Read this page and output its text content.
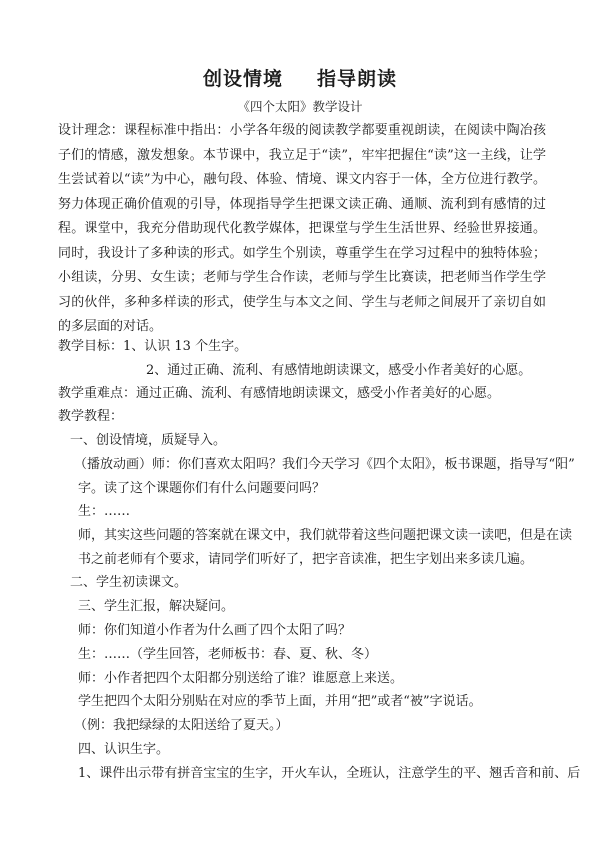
创设情境 指导朗读
《四个太阳》教学设计
设计理念：课程标准中指出：小学各年级的阅读教学都要重视朗读，在阅读中陶冶孩子们的情感，激发想象。本节课中，我立足于“读”，牢牢把握住“读”这一主线，让学生尝试着以“读”为中心，融句段、体验、情境、课文内容于一体，全方位进行教学。努力体现正确价值观的引导，体现指导学生把课文读正确、通顺、流利到有感情的过程。课堂中，我充分借助现代化教学媒体，把课堂与学生生活世界、经验世界接通。同时，我设计了多种读的形式。如学生个别读，尊重学生在学习过程中的独特体验；小组读，分男、女生读；老师与学生合作读，老师与学生比赛读，把老师当作学生学习的伙伴，多种多样读的形式，使学生与本文之间、学生与老师之间展开了亲切自如的多层面的对话。
教学目标：1、认识 13 个生字。
2、通过正确、流利、有感情地朗读课文，感受小作者美好的心愿。
教学重难点：通过正确、流利、有感情地朗读课文，感受小作者美好的心愿。
教学教程：
一、创设情境，质疑导入。
（播放动画）师：你们喜欢太阳吗？我们今天学习《四个太阳》，板书课题，指导写“阳”
字。读了这个课题你们有什么问题要问吗？
生：……
师，其实这些问题的答案就在课文中，我们就带着这些问题把课文读一读吧，但是在读
书之前老师有个要求，请同学们听好了，把字音读准，把生字划出来多读几遍。
二、学生初读课文。
三、学生汇报，解决疑问。
师：你们知道小作者为什么画了四个太阳了吗？
生：……（学生回答，老师板书：春、夏、秋、冬）
师：小作者把四个太阳都分别送给了谁？谁愿意上来送。
学生把四个太阳分别贴在对应的季节上面，并用“把”或者“被”字说话。
（例：我把绿绿的太阳送给了夏天。）
四、认识生字。
1、课件出示带有拼音宝宝的生字，开火车认，全班认，注意学生的平、翘舌音和前、后
